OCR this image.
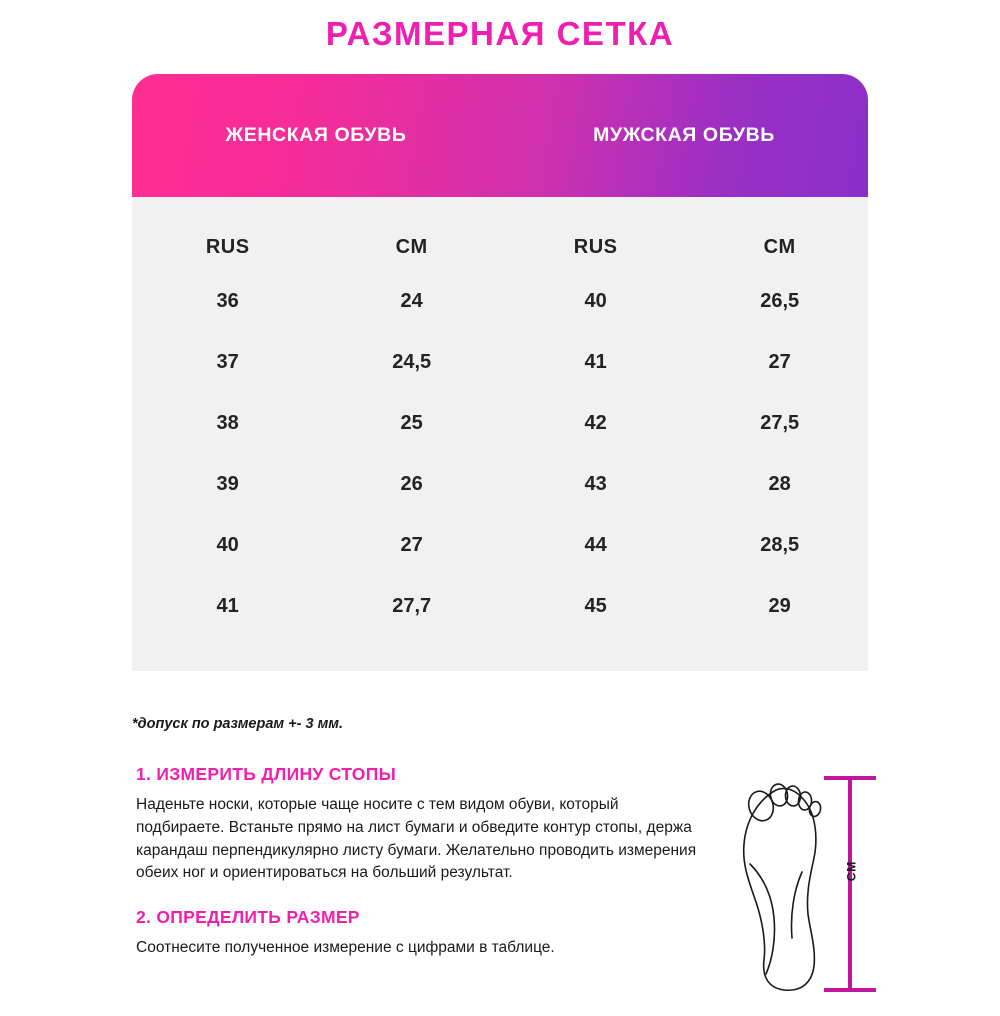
РАЗМЕРНАЯ СЕТКА
ЖЕНСКАЯ ОБУВЬ	МУЖСКАЯ ОБУВЬ
RUS	CM	RUS	CM
36	24	40	26,5
37	24,5	41	27
38	25	42	27,5
39	26	43	28
40	27	44	28,5
41	27,7	45	29
*допуск по размерам +- 3 мм.

1. ИЗМЕРИТЬ ДЛИНУ СТОПЫ

Наденьте носки, которые чаще носите с тем видом обуви, который подбираете. Встаньте прямо на лист бумаги и обведите контур стопы, держа карандаш перпендикулярно листу бумаги. Желательно проводить измерения обеих ног и ориентироваться на больший результат.

2. ОПРЕДЕЛИТЬ РАЗМЕР

Соотнесите полученное измерение с цифрами в таблице.

СМ
